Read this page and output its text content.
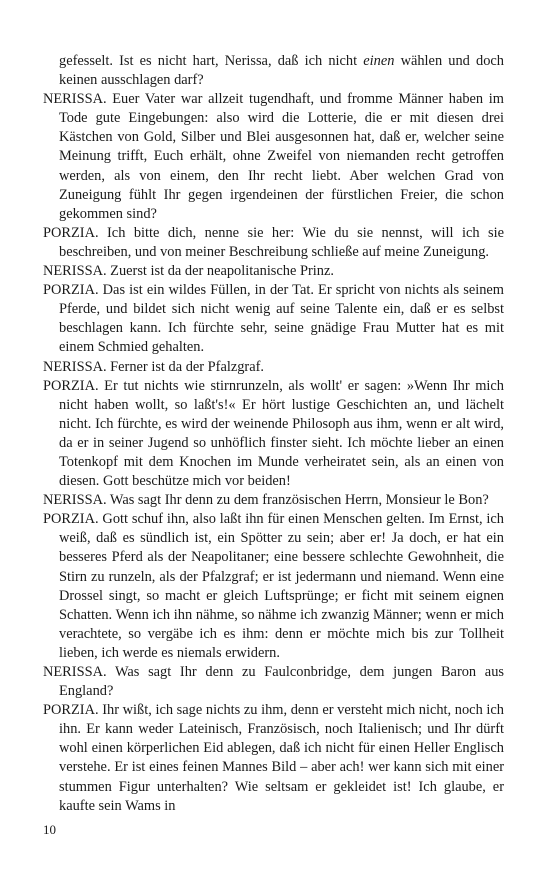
gefesselt. Ist es nicht hart, Nerissa, daß ich nicht einen wählen und doch keinen ausschlagen darf?

NERISSA. Euer Vater war allzeit tugendhaft, und fromme Männer haben im Tode gute Eingebungen: also wird die Lotterie, die er mit diesen drei Kästchen von Gold, Silber und Blei ausgesonnen hat, daß er, welcher seine Meinung trifft, Euch erhält, ohne Zweifel von niemanden recht getroffen werden, als von einem, den Ihr recht liebt. Aber welchen Grad von Zuneigung fühlt Ihr gegen irgendeinen der fürstlichen Freier, die schon gekommen sind?

PORZIA. Ich bitte dich, nenne sie her: Wie du sie nennst, will ich sie beschreiben, und von meiner Beschreibung schließe auf meine Zuneigung.

NERISSA. Zuerst ist da der neapolitanische Prinz.

PORZIA. Das ist ein wildes Füllen, in der Tat. Er spricht von nichts als seinem Pferde, und bildet sich nicht wenig auf seine Talente ein, daß er es selbst beschlagen kann. Ich fürchte sehr, seine gnädige Frau Mutter hat es mit einem Schmied gehalten.

NERISSA. Ferner ist da der Pfalzgraf.

PORZIA. Er tut nichts wie stirnrunzeln, als wollt' er sagen: »Wenn Ihr mich nicht haben wollt, so laßt's!« Er hört lustige Geschichten an, und lächelt nicht. Ich fürchte, es wird der weinende Philosoph aus ihm, wenn er alt wird, da er in seiner Jugend so unhöflich finster sieht. Ich möchte lieber an einen Totenkopf mit dem Knochen im Munde verheiratet sein, als an einen von diesen. Gott beschütze mich vor beiden!

NERISSA. Was sagt Ihr denn zu dem französischen Herrn, Monsieur le Bon?

PORZIA. Gott schuf ihn, also laßt ihn für einen Menschen gelten. Im Ernst, ich weiß, daß es sündlich ist, ein Spötter zu sein; aber er! Ja doch, er hat ein besseres Pferd als der Neapolitaner; eine bessere schlechte Gewohnheit, die Stirn zu runzeln, als der Pfalzgraf; er ist jedermann und niemand. Wenn eine Drossel singt, so macht er gleich Luftsprünge; er ficht mit seinem eignen Schatten. Wenn ich ihn nähme, so nähme ich zwanzig Männer; wenn er mich verachtete, so vergäbe ich es ihm: denn er möchte mich bis zur Tollheit lieben, ich werde es niemals erwidern.

NERISSA. Was sagt Ihr denn zu Faulconbridge, dem jungen Baron aus England?

PORZIA. Ihr wißt, ich sage nichts zu ihm, denn er versteht mich nicht, noch ich ihn. Er kann weder Lateinisch, Französisch, noch Italienisch; und Ihr dürft wohl einen körperlichen Eid ablegen, daß ich nicht für einen Heller Englisch verstehe. Er ist eines feinen Mannes Bild – aber ach! wer kann sich mit einer stummen Figur unterhalten? Wie seltsam er gekleidet ist! Ich glaube, er kaufte sein Wams in

10
